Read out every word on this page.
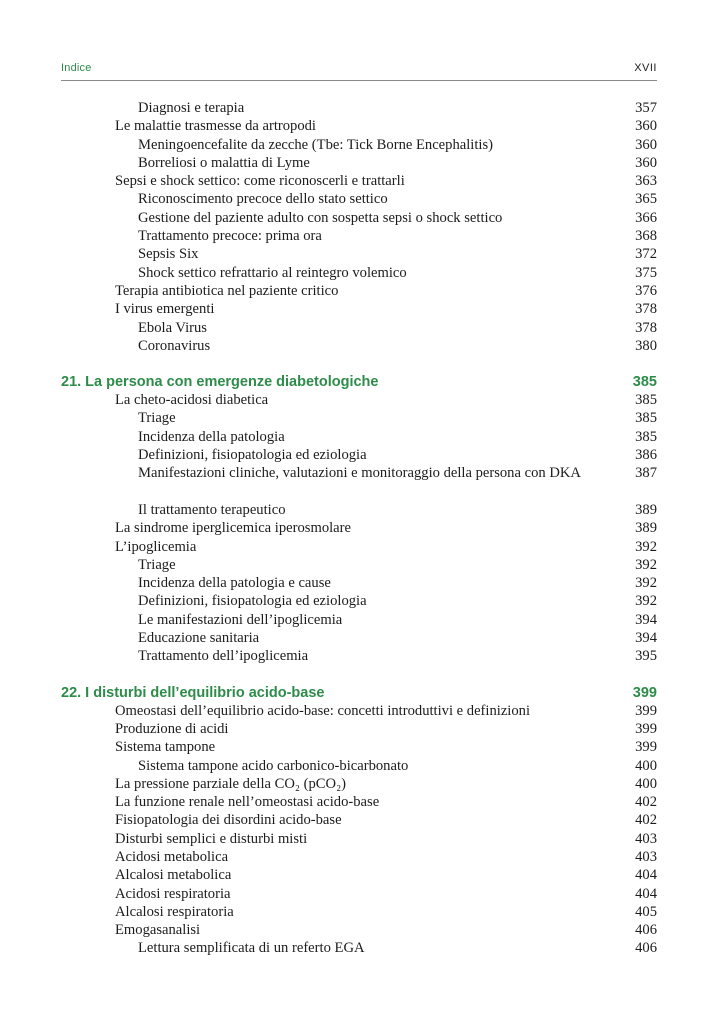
Indice	XVII
Diagnosi e terapia	357
Le malattie trasmesse da artropodi	360
Meningoencefalite da zecche (Tbe: Tick Borne Encephalitis)	360
Borreliosi o malattia di Lyme	360
Sepsi e shock settico: come riconoscerli e trattarli	363
Riconoscimento precoce dello stato settico	365
Gestione del paziente adulto con sospetta sepsi o shock settico	366
Trattamento precoce: prima ora	368
Sepsis Six	372
Shock settico refrattario al reintegro volemico	375
Terapia antibiotica nel paziente critico	376
I virus emergenti	378
Ebola Virus	378
Coronavirus	380
21. La persona con emergenze diabetologiche	385
La cheto-acidosi diabetica	385
Triage	385
Incidenza della patologia	385
Definizioni, fisiopatologia ed eziologia	386
Manifestazioni cliniche, valutazioni e monitoraggio della persona con DKA	387
Il trattamento terapeutico	389
La sindrome iperglicemica iperosmolare	389
L’ipoglicemia	392
Triage	392
Incidenza della patologia e cause	392
Definizioni, fisiopatologia ed eziologia	392
Le manifestazioni dell’ipoglicemia	394
Educazione sanitaria	394
Trattamento dell’ipoglicemia	395
22. I disturbi dell’equilibrio acido-base	399
Omeostasi dell’equilibrio acido-base: concetti introduttivi e definizioni	399
Produzione di acidi	399
Sistema tampone	399
Sistema tampone acido carbonico-bicarbonato	400
La pressione parziale della CO₂ (pCO₂)	400
La funzione renale nell’omeostasi acido-base	402
Fisiopatologia dei disordini acido-base	402
Disturbi semplici e disturbi misti	403
Acidosi metabolica	403
Alcalosi metabolica	404
Acidosi respiratoria	404
Alcalosi respiratoria	405
Emogasanalisi	406
Lettura semplificata di un referto EGA	406
